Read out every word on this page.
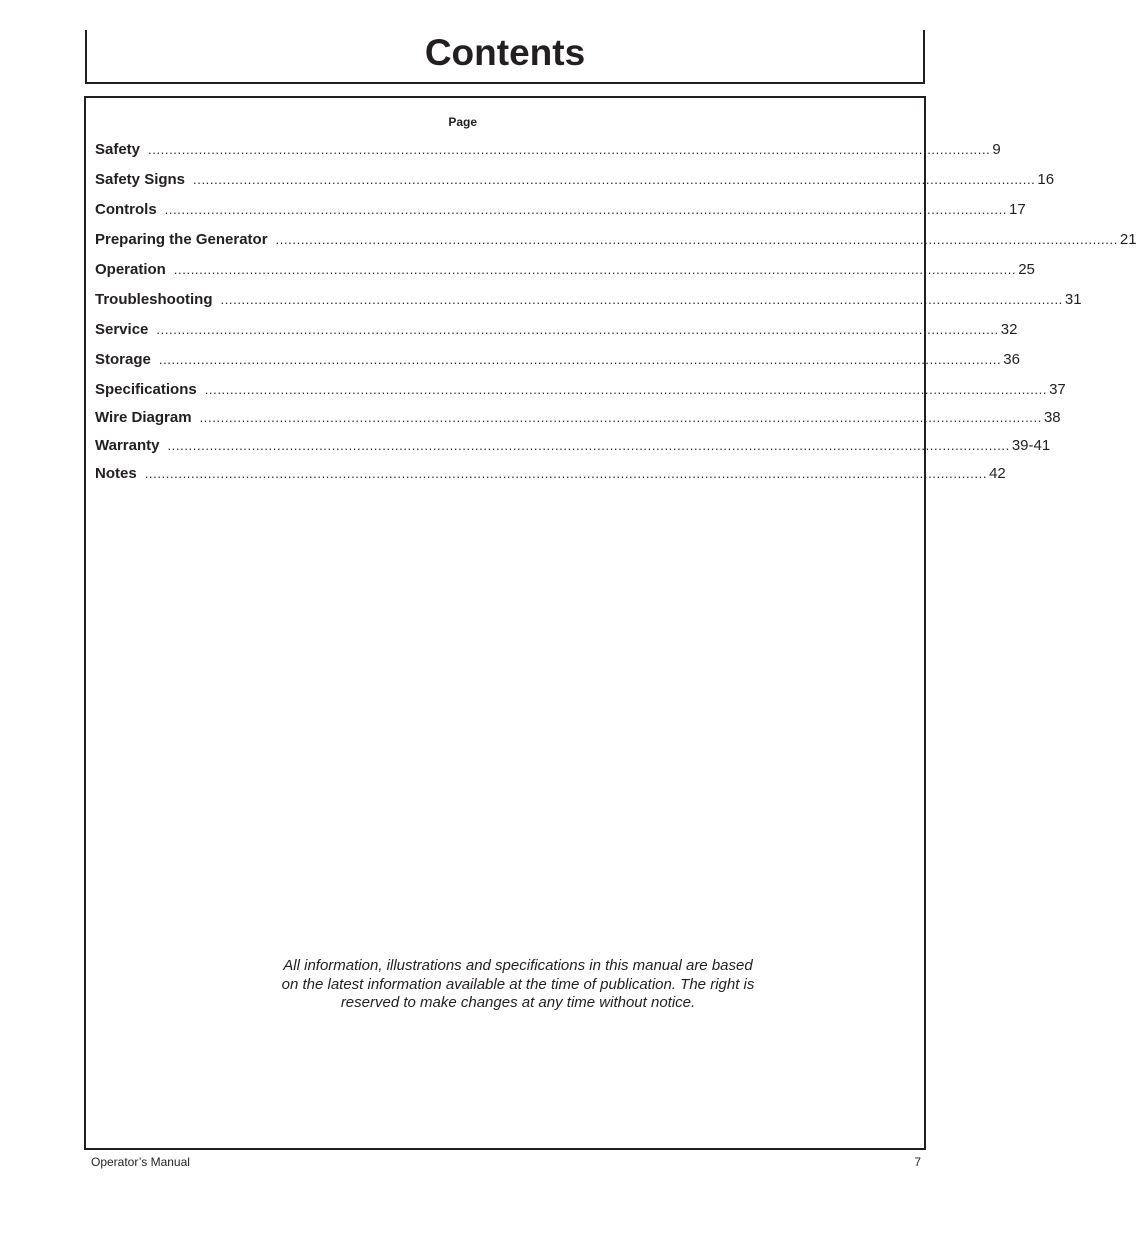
Contents
Page
Safety ........................................................................................................................................................................................................ 9
Safety Signs ........................................................................................................................................................................................................ 16
Controls ........................................................................................................................................................................................................ 17
Preparing the Generator ........................................................................................................................................................................................................ 21
Operation ........................................................................................................................................................................................................ 25
Troubleshooting ........................................................................................................................................................................................................ 31
Service ........................................................................................................................................................................................................ 32
Storage ........................................................................................................................................................................................................ 36
Specifications ........................................................................................................................................................................................................ 37
Wire Diagram ........................................................................................................................................................................................................ 38
Warranty ........................................................................................................................................................................................................ 39-41
Notes ........................................................................................................................................................................................................ 42
All information, illustrations and specifications in this manual are based
on the latest information available at the time of publication. The right is
reserved to make changes at any time without notice.
Operator’s Manual	7
